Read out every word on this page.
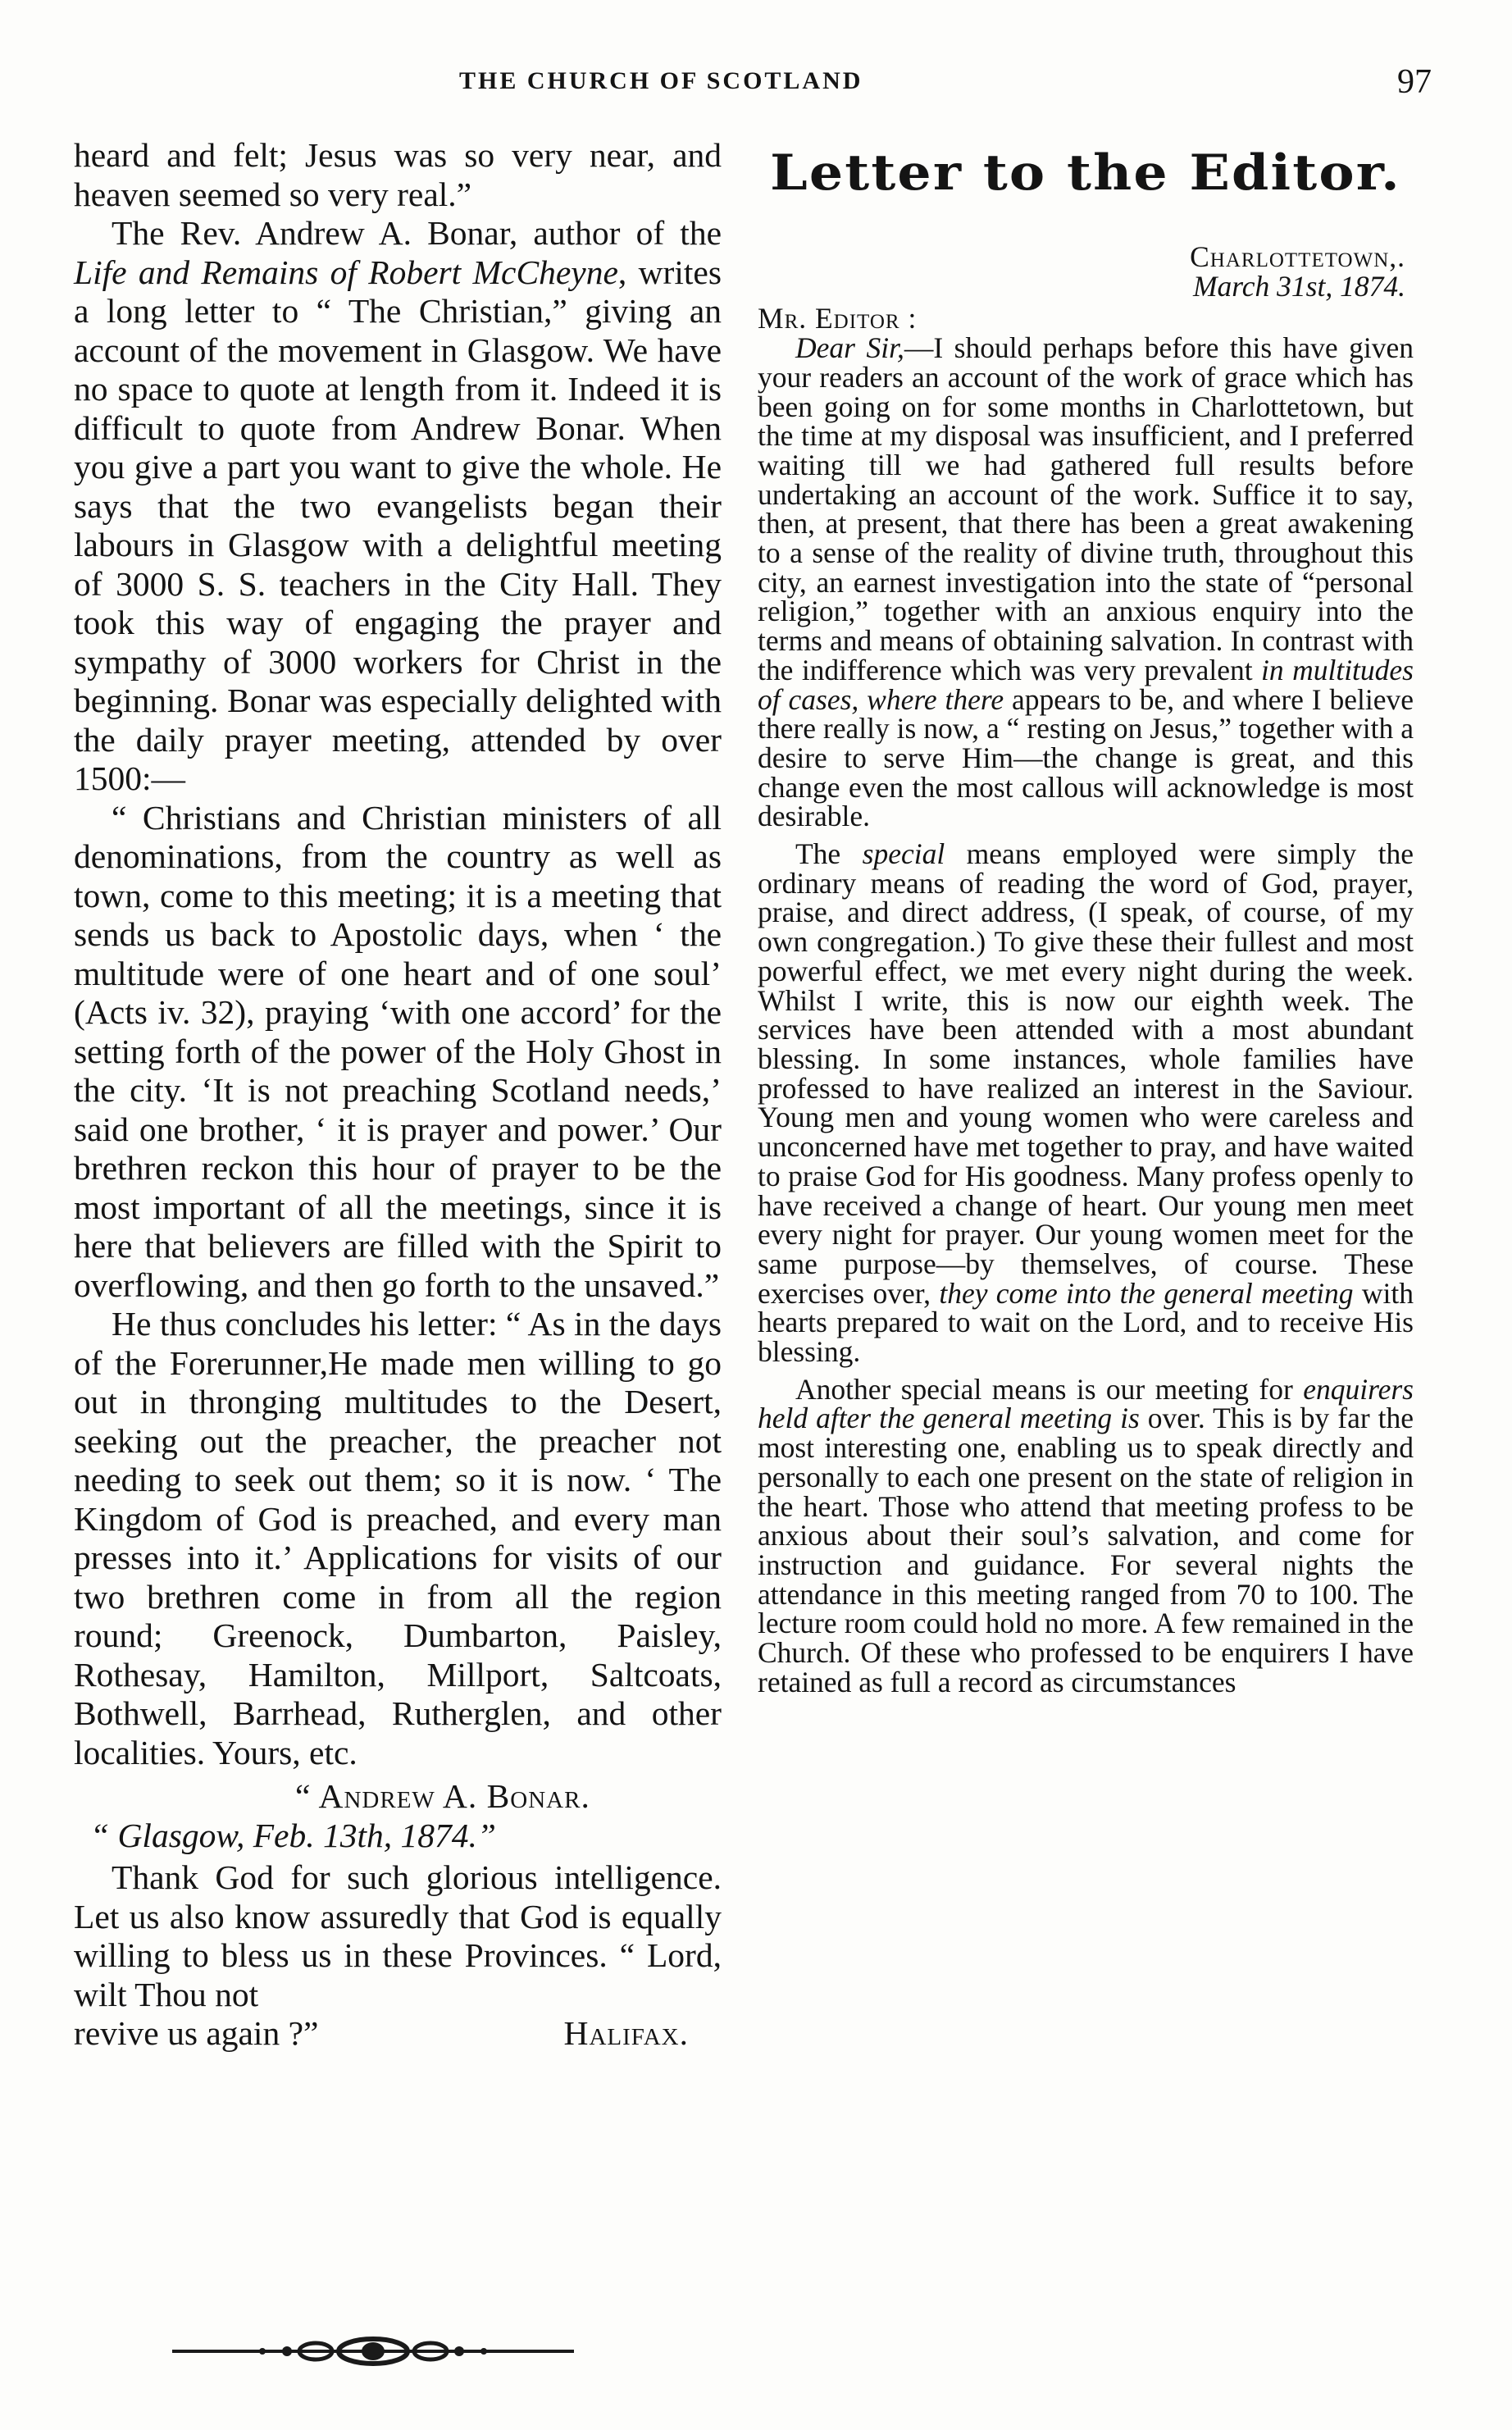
THE CHURCH OF SCOTLAND	97

heard and felt; Jesus was so very near, and heaven seemed so very real.”

The Rev. Andrew A. Bonar, author of the Life and Remains of Robert McCheyne, writes a long letter to “ The Christian,” giving an account of the movement in Glasgow. We have no space to quote at length from it. Indeed it is difficult to quote from Andrew Bonar. When you give a part you want to give the whole. He says that the two evangelists began their labours in Glasgow with a delightful meeting of 3000 S. S. teachers in the City Hall. They took this way of engaging the prayer and sympathy of 3000 workers for Christ in the beginning. Bonar was especially delighted with the daily prayer meeting, attended by over 1500:—

“ Christians and Christian ministers of all denominations, from the country as well as town, come to this meeting; it is a meeting that sends us back to Apostolic days, when ‘ the multitude were of one heart and of one soul’ (Acts iv. 32), praying ‘with one accord’ for the setting forth of the power of the Holy Ghost in the city. ‘It is not preaching Scotland needs,’ said one brother, ‘ it is prayer and power.’ Our brethren reckon this hour of prayer to be the most important of all the meetings, since it is here that believers are filled with the Spirit to overflowing, and then go forth to the unsaved.”

He thus concludes his letter: “ As in the days of the Forerunner,He made men willing to go out in thronging multitudes to the Desert, seeking out the preacher, the preacher not needing to seek out them; so it is now. ‘ The Kingdom of God is preached, and every man presses into it.’ Applications for visits of our two brethren come in from all the region round; Greenock, Dumbarton, Paisley, Rothesay, Hamilton, Millport, Saltcoats, Bothwell, Barrhead, Rutherglen, and other localities. Yours, etc.

“ Andrew A. Bonar.

“ Glasgow, Feb. 13th, 1874.”

Thank God for such glorious intelligence. Let us also know assuredly that God is equally willing to bless us in these Provinces. “ Lord, wilt Thou not

revive us again ?”	Halifax.

Letter to the Editor.

Charlottetown,.

March 31st, 1874.

Mr. Editor :

Dear Sir,—I should perhaps before this have given your readers an account of the work of grace which has been going on for some months in Charlottetown, but the time at my disposal was insufficient, and I preferred waiting till we had gathered full results before undertaking an account of the work. Suffice it to say, then, at present, that there has been a great awakening to a sense of the reality of divine truth, throughout this city, an earnest investigation into the state of “personal religion,” together with an anxious enquiry into the terms and means of obtaining salvation. In contrast with the indifference which was very prevalent in multitudes of cases, where there appears to be, and where I believe there really is now, a “ resting on Jesus,” together with a desire to serve Him—the change is great, and this change even the most callous will acknowledge is most desirable.

The special means employed were simply the ordinary means of reading the word of God, prayer, praise, and direct address, (I speak, of course, of my own congregation.) To give these their fullest and most powerful effect, we met every night during the week. Whilst I write, this is now our eighth week. The services have been attended with a most abundant blessing. In some instances, whole families have professed to have realized an interest in the Saviour. Young men and young women who were careless and unconcerned have met together to pray, and have waited to praise God for His goodness. Many profess openly to have received a change of heart. Our young men meet every night for prayer. Our young women meet for the same purpose—by themselves, of course. These exercises over, they come into the general meeting with hearts prepared to wait on the Lord, and to receive His blessing.

Another special means is our meeting for enquirers held after the general meeting is over. This is by far the most interesting one, enabling us to speak directly and personally to each one present on the state of religion in the heart. Those who attend that meeting profess to be anxious about their soul’s salvation, and come for instruction and guidance. For several nights the attendance in this meeting ranged from 70 to 100. The lecture room could hold no more. A few remained in the Church. Of these who professed to be enquirers I have retained as full a record as circumstances
